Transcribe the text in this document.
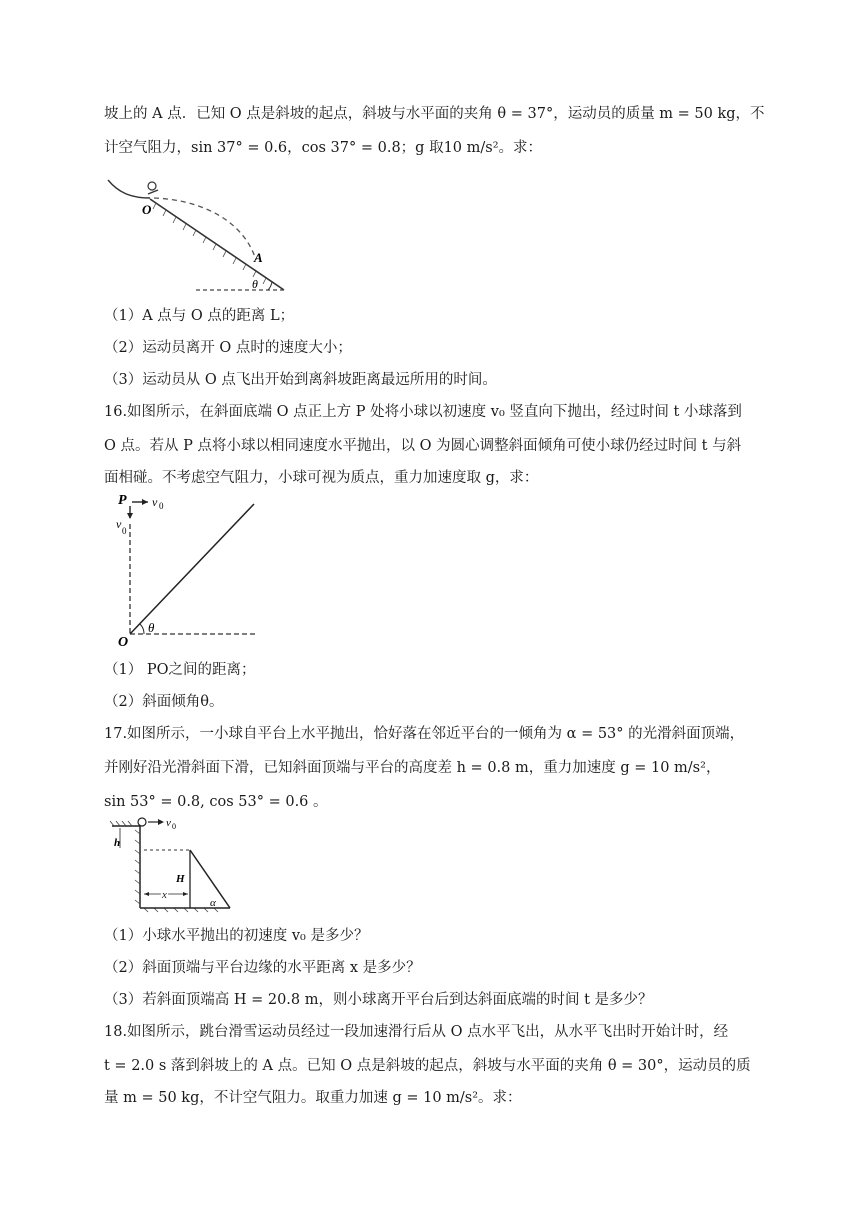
坡上的 A 点．已知 O 点是斜坡的起点，斜坡与水平面的夹角 θ = 37°，运动员的质量 m = 50 kg，不
计空气阻力，sin 37° = 0.6，cos 37° = 0.8；g 取10 m/s²。求：
O
A
θ
（1）A 点与 O 点的距离 L；
（2）运动员离开 O 点时的速度大小；
（3）运动员从 O 点飞出开始到离斜坡距离最远所用的时间。
16.如图所示，在斜面底端 O 点正上方 P 处将小球以初速度 v₀ 竖直向下抛出，经过时间 t 小球落到
O 点。若从 P 点将小球以相同速度水平抛出，以 O 为圆心调整斜面倾角可使小球仍经过时间 t 与斜
面相碰。不考虑空气阻力，小球可视为质点，重力加速度取 g，求：
P v 0
v 0
θ
O
（1） PO之间的距离；
（2）斜面倾角θ。
17.如图所示，一小球自平台上水平抛出，恰好落在邻近平台的一倾角为 α = 53° 的光滑斜面顶端，
并刚好沿光滑斜面下滑，已知斜面顶端与平台的高度差 h = 0.8 m，重力加速度 g = 10 m/s²，
sin 53° = 0.8, cos 53° = 0.6 。
v 0
h
H
x
α
（1）小球水平抛出的初速度 v₀ 是多少？
（2）斜面顶端与平台边缘的水平距离 x 是多少？
（3）若斜面顶端高 H = 20.8 m，则小球离开平台后到达斜面底端的时间 t 是多少？
18.如图所示，跳台滑雪运动员经过一段加速滑行后从 O 点水平飞出，从水平飞出时开始计时，经
t = 2.0 s 落到斜坡上的 A 点。已知 O 点是斜坡的起点，斜坡与水平面的夹角 θ = 30°，运动员的质
量 m = 50 kg，不计空气阻力。取重力加速 g = 10 m/s²。求：
